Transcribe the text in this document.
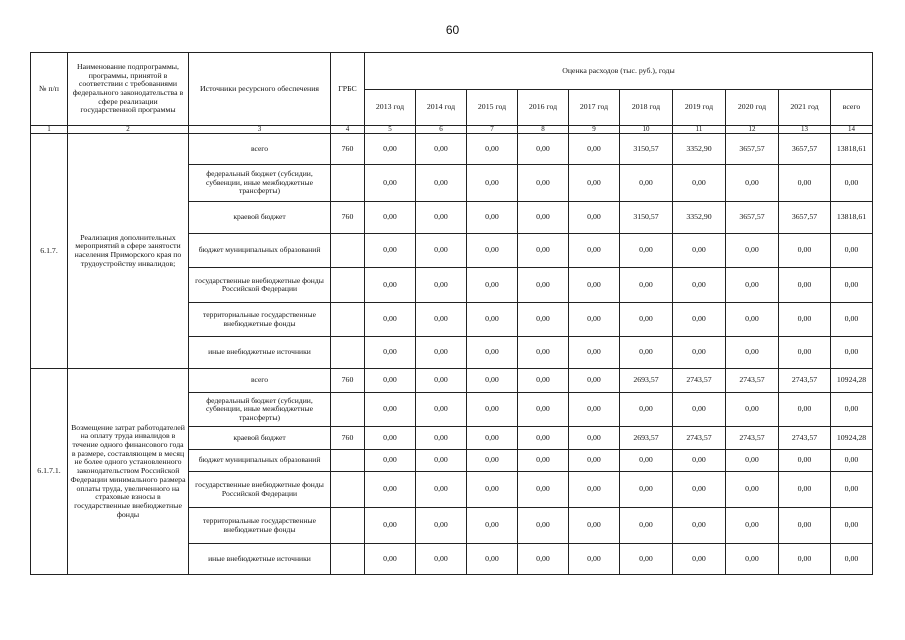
60
№ п/п	Наименование подпрограммы, программы, принятой в соответствии с требованиями федерального законодательства в сфере реализации государственной программы	Источники ресурсного обеспечения	ГРБС	Оценка расходов (тыс. руб.), годы									
				2013 год	2014 год	2015 год	2016 год	2017 год	2018 год	2019 год	2020 год	2021 год	всего
1	2	3	4	5	6	7	8	9	10	11	12	13	14
6.1.7.	Реализация дополнительных мероприятий в сфере занятости населения Приморского края по трудоустройству инвалидов;	всего	760	0,00	0,00	0,00	0,00	0,00	3150,57	3352,90	3657,57	3657,57	13818,61
		федеральный бюджет (субсидии, субвенции, иные межбюджетные трансферты)		0,00	0,00	0,00	0,00	0,00	0,00	0,00	0,00	0,00	0,00
		краевой бюджет	760	0,00	0,00	0,00	0,00	0,00	3150,57	3352,90	3657,57	3657,57	13818,61
		бюджет муниципальных образований		0,00	0,00	0,00	0,00	0,00	0,00	0,00	0,00	0,00	0,00
		государственные внебюджетные фонды Российской Федерации		0,00	0,00	0,00	0,00	0,00	0,00	0,00	0,00	0,00	0,00
		территориальные государственные внебюджетные фонды		0,00	0,00	0,00	0,00	0,00	0,00	0,00	0,00	0,00	0,00
		иные внебюджетные источники		0,00	0,00	0,00	0,00	0,00	0,00	0,00	0,00	0,00	0,00
6.1.7.1.	Возмещение затрат работодателей на оплату труда инвалидов в течение одного финансового года в размере, составляющем в месяц не более одного установленного законодательством Российской Федерации минимального размера оплаты труда, увеличенного на страховые взносы в государственные внебюджетные фонды	всего	760	0,00	0,00	0,00	0,00	0,00	2693,57	2743,57	2743,57	2743,57	10924,28
		федеральный бюджет (субсидии, субвенции, иные межбюджетные трансферты)		0,00	0,00	0,00	0,00	0,00	0,00	0,00	0,00	0,00	0,00
		краевой бюджет	760	0,00	0,00	0,00	0,00	0,00	2693,57	2743,57	2743,57	2743,57	10924,28
		бюджет муниципальных образований		0,00	0,00	0,00	0,00	0,00	0,00	0,00	0,00	0,00	0,00
		государственные внебюджетные фонды Российской Федерации		0,00	0,00	0,00	0,00	0,00	0,00	0,00	0,00	0,00	0,00
		территориальные государственные внебюджетные фонды		0,00	0,00	0,00	0,00	0,00	0,00	0,00	0,00	0,00	0,00
		иные внебюджетные источники		0,00	0,00	0,00	0,00	0,00	0,00	0,00	0,00	0,00	0,00
